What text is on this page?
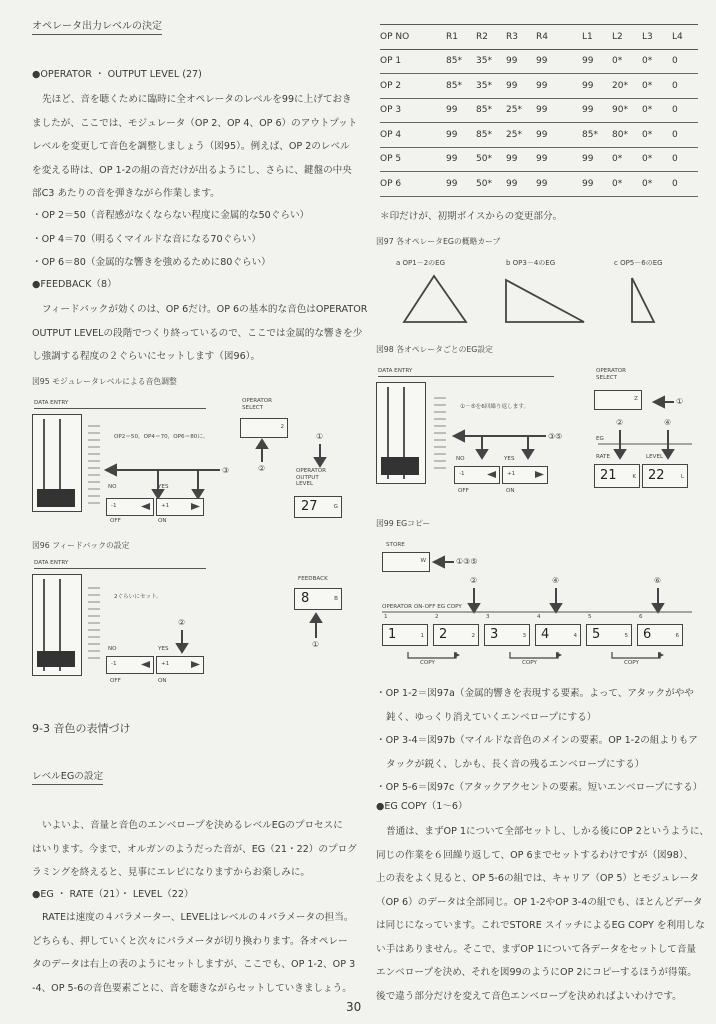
オペレータ出力レベルの決定
●OPERATOR ・ OUTPUT LEVEL (27)
先ほど、音を聴くために臨時に全オペレータのレベルを99に上げておき
ましたが、ここでは、モジュレータ（OP 2、OP 4、OP 6）のアウトプット
レベルを変更して音色を調整しましょう（図95）。例えば、OP 2のレベル
を変える時は、OP 1-2の組の音だけが出るようにし、さらに、鍵盤の中央
部C3 あたりの音を弾きながら作業します。
・OP 2＝50（音程感がなくならない程度に金属的な50ぐらい）
・OP 4＝70（明るくマイルドな音になる70ぐらい）
・OP 6＝80（金属的な響きを強めるために80ぐらい）
●FEEDBACK（8）
フィードバックが効くのは、OP 6だけ。OP 6の基本的な音色はOPERATOR
OUTPUT LEVELの段階でつくり終っているので、ここでは金属的な響きを少
し強調する程度の２ぐらいにセットします（図96）。
図95 モジュレータレベルによる音色調整
DATA ENTRY
OP2＝50，OP4＝70，OP6＝80に。
OPERATOR
SELECT
2
③	②
①
NO	YES
-1	+1
OFF	ON
OPERATOR
OUTPUT
LEVEL
27	G
図96 フィードバックの設定
DATA ENTRY
2ぐらいにセット。
FEEDBACK
8	B
②
①
NO	YES
-1	+1
OFF	ON
9-3 音色の表情づけ
レベルEGの設定
いよいよ、音量と音色のエンベロープを決めるレベルEGのプロセスに
はいります。今まで、オルガンのようだった音が、EG（21・22）のプログ
ラミングを終えると、見事にエレピになりますからお楽しみに。
●EG ・ RATE（21）・ LEVEL（22）
RATEは速度の４パラメーター、LEVELはレベルの４パラメータの担当。
どちらも、押していくと次々にパラメータが切り換わります。各オペレー
タのデータは右上の表のようにセットしますが、ここでも、OP 1-2、OP 3
-4、OP 5-6の音色要素ごとに、音を聴きながらセットしていきましょう。
OP NO	R1	R2	R3	R4	L1	L2	L3	L4
OP 1	85*	35*	99	99	99	0*	0*	0
OP 2	85*	35*	99	99	99	20*	0*	0
OP 3	99	85*	25*	99	99	90*	0*	0
OP 4	99	85*	25*	99	85*	80*	0*	0
OP 5	99	50*	99	99	99	0*	0*	0
OP 6	99	50*	99	99	99	0*	0*	0
＊印だけが、初期ボイスからの変更部分。
図97 各オペレータEGの概略カーブ
a OP1－2のEG	b OP3－4のEG	c OP5－6のEG
図98 各オペレータごとのEG設定
DATA ENTRY
①－⑤を6回繰り返します。
③⑤
OPERATOR
SELECT
Z	①
②	④
EG
RATE	LEVEL
21	K 22	L
NO	YES
-1	+1
OFF	ON
図99 EGコピー
STORE
W	①③⑤
②	④	⑥
OPERATOR ON-OFF EG COPY
1
1	1
2
2	2
3
3	3
4
4	4
5
5	5
6
6	6
COPY	COPY	COPY
・OP 1-2＝図97a（金属的響きを表現する要素。よって、アタックがやや
鈍く、ゆっくり消えていくエンベロープにする）
・OP 3-4＝図97b（マイルドな音色のメインの要素。OP 1-2の組よりもア
タックが鋭く、しかも、長く音の残るエンベロープにする）
・OP 5-6＝図97c（アタックアクセントの要素。短いエンベロープにする）
●EG COPY（1～6）
普通は、まずOP 1について全部セットし、しかる後にOP 2というように、
同じの作業を６回繰り返して、OP 6までセットするわけですが（図98）、
上の表をよく見ると、OP 5-6の組では、キャリア（OP 5）とモジュレータ
（OP 6）のデータは全部同じ。OP 1-2やOP 3-4の組でも、ほとんどデータ
は同じになっています。これでSTORE スイッチによるEG COPY を利用しな
い手はありません。そこで、まずOP 1について各データをセットして音量
エンベロープを決め、それを図99のようにOP 2にコピーするほうが得策。
後で違う部分だけを変えて音色エンベロープを決めればよいわけです。
30
